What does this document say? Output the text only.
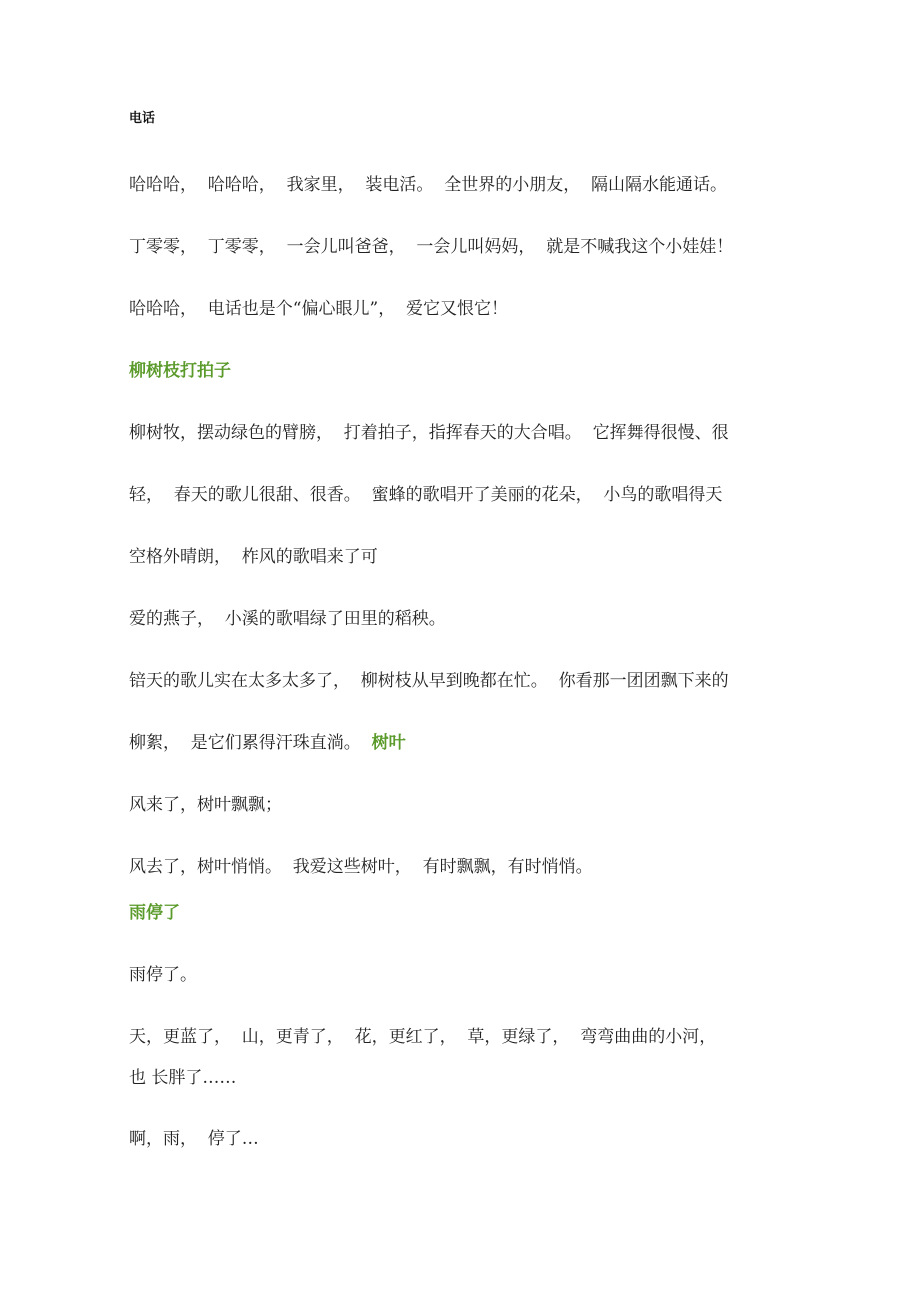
电话
哈哈哈，  哈哈哈，  我家里，  装电活。  全世界的小朋友，  隔山隔水能通话。
丁零零，  丁零零，  一会儿叫爸爸，  一会儿叫妈妈，  就是不喊我这个小娃娃！
哈哈哈，  电话也是个“偏心眼儿”，  爱它又恨它！
柳树枝打拍子
柳树牧，摆动绿色的臂膀，  打着拍子，指挥春天的大合唱。  它挥舞得很慢、很
轻，  春天的歌儿很甜、很香。  蜜蜂的歌唱开了美丽的花朵，  小鸟的歌唱得天
空格外晴朗，  柞风的歌唱来了可
爱的燕子，  小溪的歌唱绿了田里的稻秧。
锫天的歌儿实在太多太多了，  柳树枝从早到晚都在忙。  你看那一团团飘下来的
柳絮，  是它们累得汗珠直淌。 树叶
风来了，树叶飘飘；
风去了，树叶悄悄。  我爱这些树叶，  有时飘飘，有时悄悄。
雨停了
雨停了。
天，更蓝了，  山，更青了，  花，更红了，  草，更绿了，  弯弯曲曲的小河，
也 长胖了……
啊，雨，  停了…
